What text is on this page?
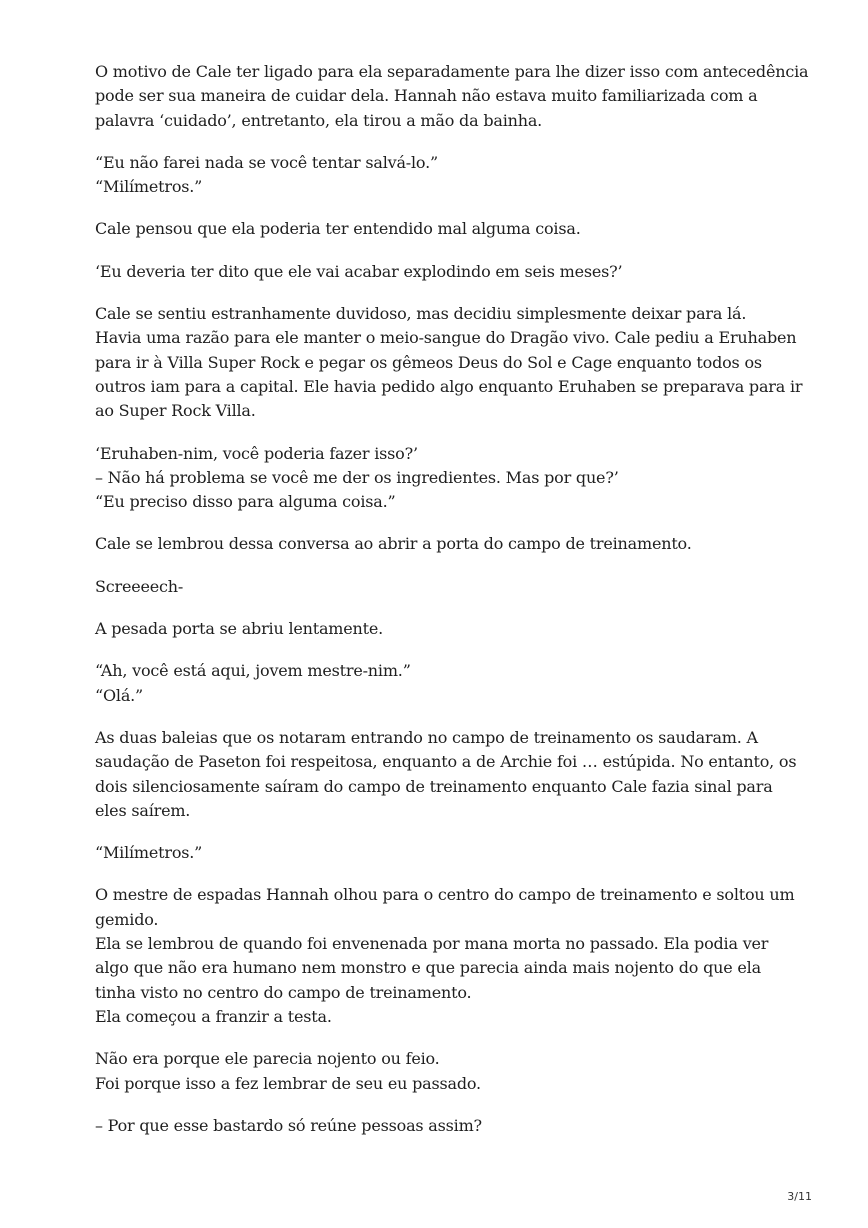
O motivo de Cale ter ligado para ela separadamente para lhe dizer isso com antecedência
pode ser sua maneira de cuidar dela. Hannah não estava muito familiarizada com a
palavra ‘cuidado’, entretanto, ela tirou a mão da bainha.

“Eu não farei nada se você tentar salvá-lo.”
“Milímetros.”

Cale pensou que ela poderia ter entendido mal alguma coisa.

‘Eu deveria ter dito que ele vai acabar explodindo em seis meses?’

Cale se sentiu estranhamente duvidoso, mas decidiu simplesmente deixar para lá.
Havia uma razão para ele manter o meio-sangue do Dragão vivo. Cale pediu a Eruhaben
para ir à Villa Super Rock e pegar os gêmeos Deus do Sol e Cage enquanto todos os
outros iam para a capital. Ele havia pedido algo enquanto Eruhaben se preparava para ir
ao Super Rock Villa.

‘Eruhaben-nim, você poderia fazer isso?’
– Não há problema se você me der os ingredientes. Mas por que?’
“Eu preciso disso para alguma coisa.”

Cale se lembrou dessa conversa ao abrir a porta do campo de treinamento.

Screeeech-

A pesada porta se abriu lentamente.

“Ah, você está aqui, jovem mestre-nim.”
“Olá.”

As duas baleias que os notaram entrando no campo de treinamento os saudaram. A
saudação de Paseton foi respeitosa, enquanto a de Archie foi … estúpida. No entanto, os
dois silenciosamente saíram do campo de treinamento enquanto Cale fazia sinal para
eles saírem.

“Milímetros.”

O mestre de espadas Hannah olhou para o centro do campo de treinamento e soltou um
gemido.
Ela se lembrou de quando foi envenenada por mana morta no passado. Ela podia ver
algo que não era humano nem monstro e que parecia ainda mais nojento do que ela
tinha visto no centro do campo de treinamento.
Ela começou a franzir a testa.

Não era porque ele parecia nojento ou feio.
Foi porque isso a fez lembrar de seu eu passado.

– Por que esse bastardo só reúne pessoas assim?

3/11
